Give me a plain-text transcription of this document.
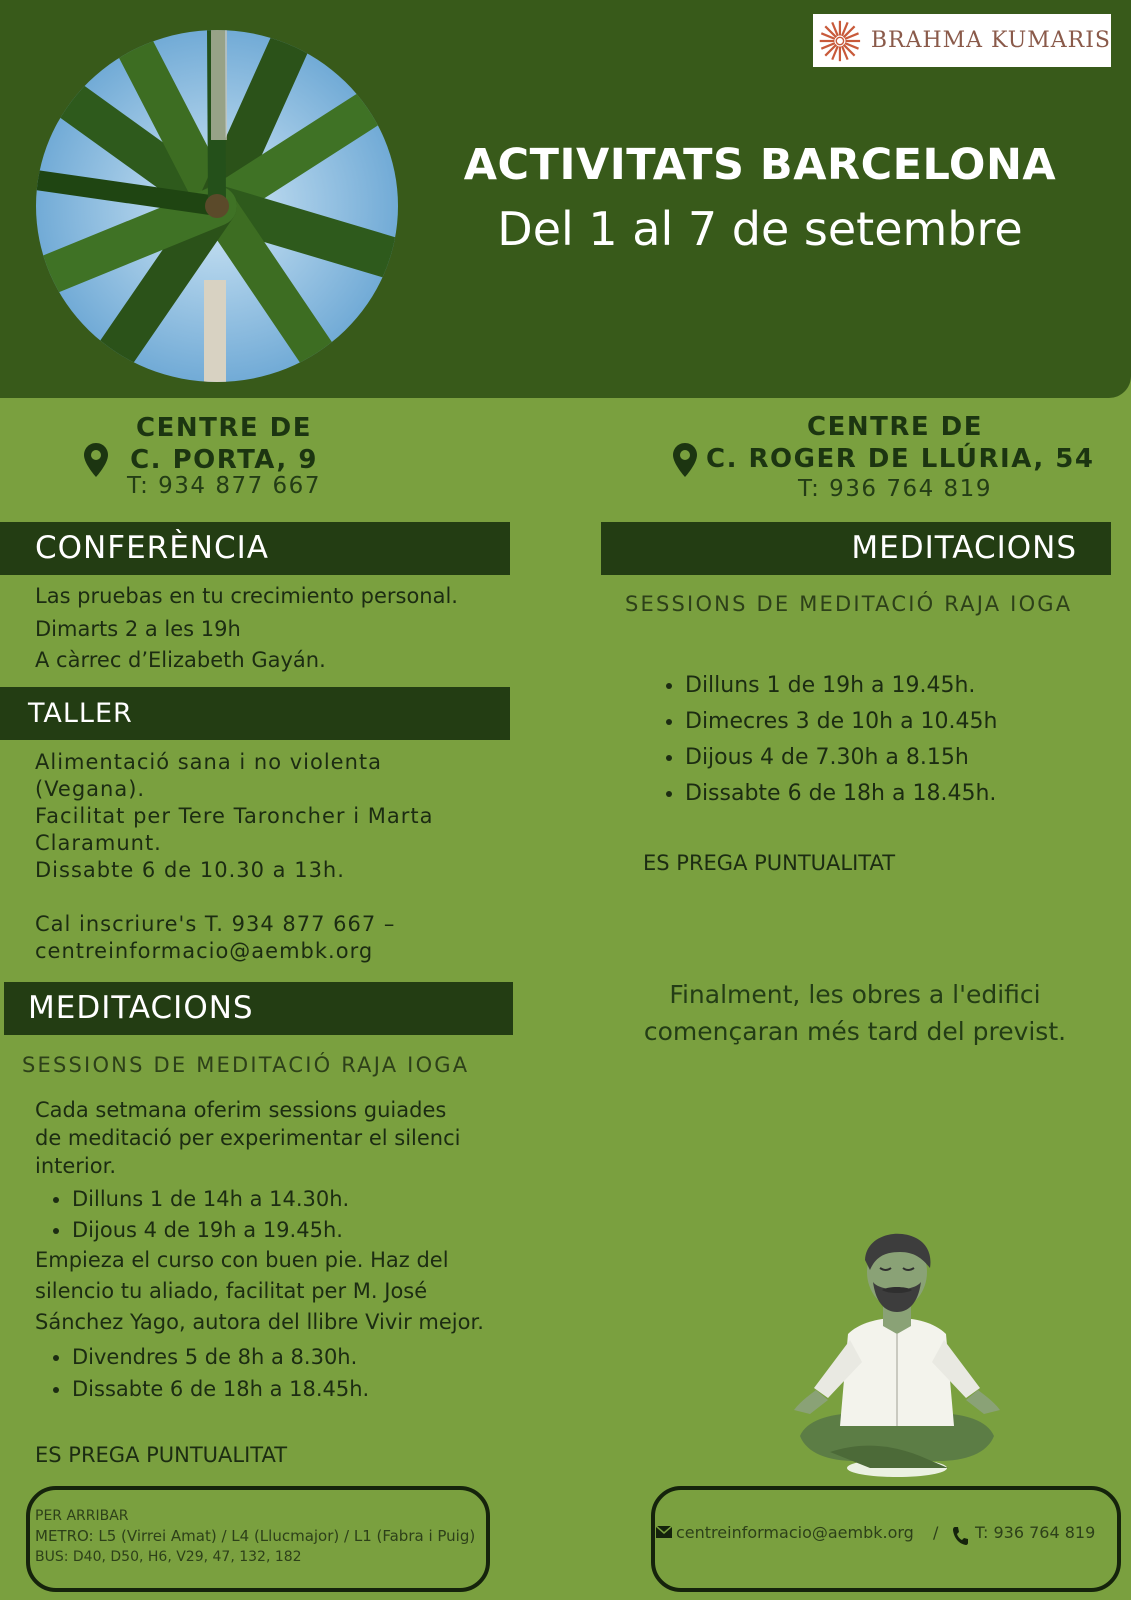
BRAHMA KUMARIS
ACTIVITATS BARCELONA
Del 1 al 7 de setembre
CENTRE DE
C. PORTA, 9
T: 934 877 667
CENTRE DE
C. ROGER DE LLÚRIA, 54
T: 936 764 819
CONFERÈNCIA
Las pruebas en tu crecimiento personal.
Dimarts 2 a les 19h
A càrrec d’Elizabeth Gayán.
TALLER
Alimentació sana i no violenta
(Vegana).
Facilitat per Tere Taroncher i Marta
Claramunt.
Dissabte 6 de 10.30 a 13h.
Cal inscriure's T. 934 877 667 –
centreinformacio@aembk.org
MEDITACIONS
SESSIONS DE MEDITACIÓ RAJA IOGA
Cada setmana oferim sessions guiades
de meditació per experimentar el silenci
interior.
• Dilluns 1 de 14h a 14.30h.
• Dijous 4 de 19h a 19.45h.
Empieza el curso con buen pie. Haz del
silencio tu aliado, facilitat per M. José
Sánchez Yago, autora del llibre Vivir mejor.
• Divendres 5 de 8h a 8.30h.
• Dissabte 6 de 18h a 18.45h.
ES PREGA PUNTUALITAT
MEDITACIONS
SESSIONS DE MEDITACIÓ RAJA IOGA
• Dilluns 1 de 19h a 19.45h.
• Dimecres 3 de 10h a 10.45h
• Dijous 4 de 7.30h a 8.15h
• Dissabte 6 de 18h a 18.45h.
ES PREGA PUNTUALITAT
Finalment, les obres a l'edifici
començaran més tard del previst.
PER ARRIBAR
METRO: L5 (Virrei Amat) / L4 (Llucmajor) / L1 (Fabra i Puig)
BUS: D40, D50, H6, V29, 47, 132, 182
centreinformacio@aembk.org / T: 936 764 819
